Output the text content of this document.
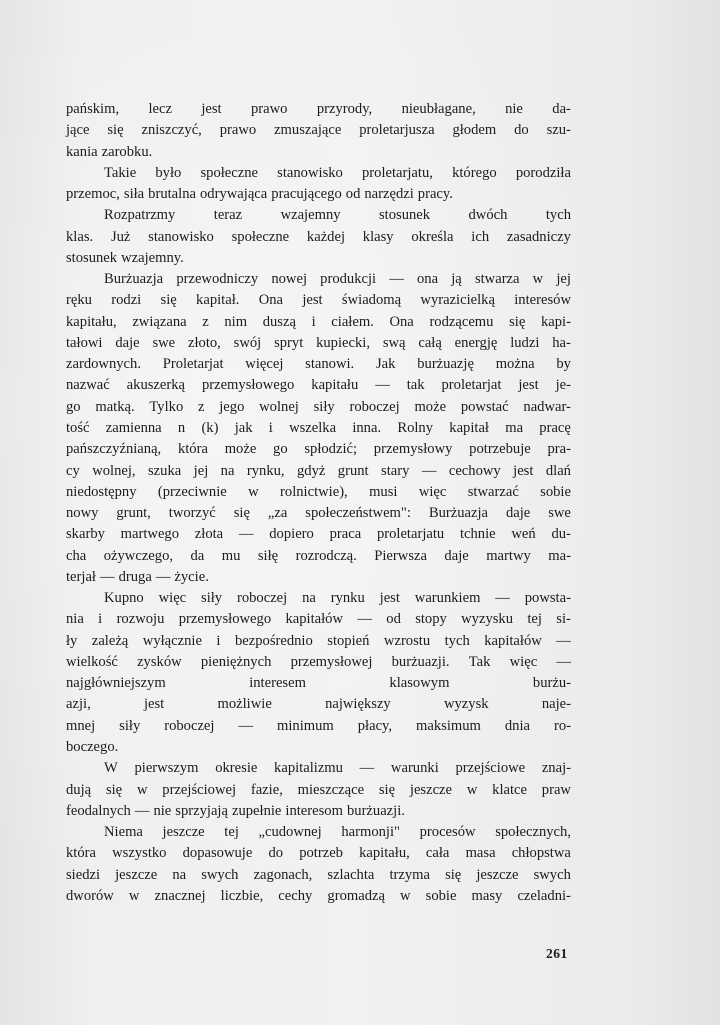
pańskim, lecz jest prawo przyrody, nieubłagane, nie da-
jące się zniszczyć, prawo zmuszające proletarjusza głodem do szu-
kania zarobku.
Takie było społeczne stanowisko proletarjatu, którego porodziła
przemoc, siła brutalna odrywająca pracującego od narzędzi pracy.
Rozpatrzmy	teraz	wzajemny	stosunek	dwóch	tych
klas. Już stanowisko społeczne każdej klasy określa ich zasadniczy
stosunek wzajemny.
Burżuazja przewodniczy nowej produkcji — ona ją stwarza w jej
ręku rodzi się kapitał. Ona jest świadomą wyrazicielką interesów
kapitału, związana z nim duszą i ciałem. Ona rodzącemu się kapi-
tałowi daje swe złoto, swój spryt kupiecki, swą całą energję ludzi ha-
zardownych. Proletarjat więcej stanowi. Jak burżuazję można by
nazwać akuszerką przemysłowego kapitału — tak proletarjat jest je-
go matką. Tylko z jego wolnej siły roboczej może powstać nadwar-
tość zamienna n (k) jak i wszelka inna. Rolny kapitał ma pracę
pańszczyźnianą, która może go spłodzić; przemysłowy potrzebuje pra-
cy wolnej, szuka jej na rynku, gdyż grunt stary — cechowy jest dlań
niedostępny (przeciwnie w rolnictwie), musi więc stwarzać sobie
nowy grunt, tworzyć się „za społeczeństwem": Burżuazja daje swe
skarby martwego złota — dopiero praca proletarjatu tchnie weń du-
cha ożywczego, da mu siłę rozrodczą. Pierwsza daje martwy ma-
terjał — druga — życie.
Kupno więc siły roboczej na rynku jest warunkiem — powsta-
nia i rozwoju przemysłowego kapitałów — od stopy wyzysku tej si-
ły zależą wyłącznie i bezpośrednio stopień wzrostu tych kapitałów —
wielkość zysków pieniężnych przemysłowej burżuazji. Tak więc —
najgłówniejszym	interesem	klasowym	burżu-
azji,	jest	możliwie	największy	wyzysk	naje-
mnej siły roboczej — minimum płacy, maksimum dnia ro-
boczego.
W pierwszym okresie kapitalizmu — warunki przejściowe znaj-
dują się w przejściowej fazie, mieszczące się jeszcze w klatce praw
feodalnych — nie sprzyjają zupełnie interesom burżuazji.
Niema jeszcze tej „cudownej harmonji" procesów społecznych,
która wszystko dopasowuje do potrzeb kapitału, cała masa chłopstwa
siedzi jeszcze na swych zagonach, szlachta trzyma się jeszcze swych
dworów w znacznej liczbie, cechy gromadzą w sobie masy czeladni-
261
